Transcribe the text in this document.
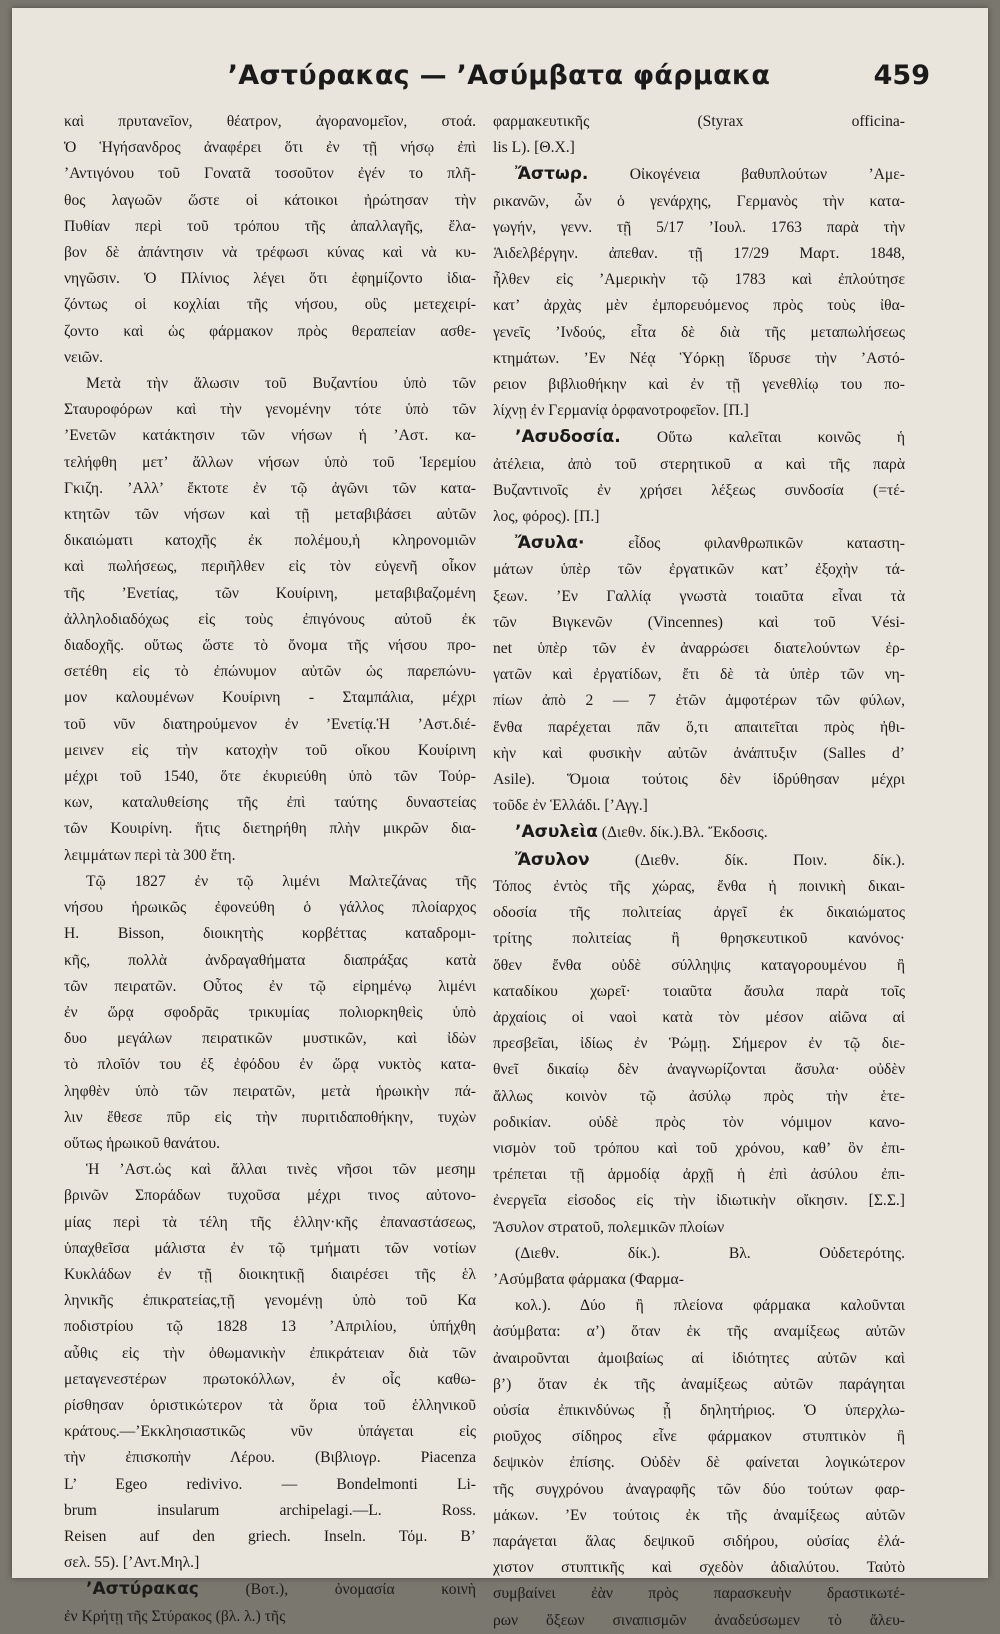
’Αστύρακας — ’Ασύμβατα φάρμακα	459

καὶ πρυτανεῖον, θέατρον, ἀγορανομεῖον, στοά.

Ὁ Ἡγήσανδρος ἀναφέρει ὅτι ἐν τῇ νήσῳ ἐπὶ

’Αντιγόνου τοῦ Γονατᾶ τοσοῦτον ἐγέν το πλῆ-

θος λαγωῶν ὥστε οἱ κάτοικοι ἠρώτησαν τὴν

Πυθίαν περὶ τοῦ τρόπου τῆς ἀπαλλαγῆς, ἔλα-

βον δὲ ἀπάντησιν νὰ τρέφωσι κύνας καὶ νὰ κυ-

νηγῶσιν. Ὁ Πλίνιος λέγει ὅτι ἐφημίζοντο ἰδια-

ζόντως οἱ κοχλίαι τῆς νήσου, οὓς μετεχειρί-

ζοντο καὶ ὡς φάρμακον πρὸς θεραπείαν ασθε-

νειῶν.

Μετὰ τὴν ἅλωσιν τοῦ Βυζαντίου ὑπὸ τῶν

Σταυροφόρων καὶ τὴν γενομένην τότε ὑπὸ τῶν

’Ενετῶν κατάκτησιν τῶν νήσων ἡ ’Αστ. κα-

τελήφθη μετ’ ἄλλων νήσων ὑπὸ τοῦ Ἱερεμίου

Γκιζη. ’Αλλ’ ἔκτοτε ἐν τῷ ἀγῶνι τῶν κατα-

κτητῶν τῶν νήσων καὶ τῇ μεταβιβάσει αὐτῶν

δικαιώματι κατοχῆς ἐκ πολέμου,ἡ κληρονομιῶν

καὶ πωλήσεως, περιῆλθεν εἰς τὸν εὐγενῆ οἶκον

τῆς ’Ενετίας, τῶν Κουίρινη, μεταβιβαζομένη

ἀλληλοδιαδόχως εἰς τοὺς ἐπιγόνους αὐτοῦ ἐκ

διαδοχῆς. οὕτως ὥστε τὸ ὄνομα τῆς νήσου προ-

σετέθη εἰς τὸ ἐπώνυμον αὐτῶν ὡς παρεπώνυ-

μον καλουμένων Κουίρινη - Σταμπάλια, μέχρι

τοῦ νῦν διατηρούμενον ἐν ’Ενετίᾳ.Ἡ ’Αστ.διέ-

μεινεν εἰς τὴν κατοχὴν τοῦ οἴκου Κουίρινη

μέχρι τοῦ 1540, ὅτε ἐκυριεύθη ὑπὸ τῶν Τούρ-

κων, καταλυθείσης τῆς ἐπὶ ταύτης δυναστείας

τῶν Κουιρίνη. ἥτις διετηρήθη πλὴν μικρῶν δια-

λειμμάτων περὶ τὰ 300 ἔτη.

Τῷ 1827 ἐν τῷ λιμένι Μαλτεζάνας τῆς

νήσου ἡρωικῶς ἐφονεύθη ὁ γάλλος πλοίαρχος

H. Bisson, διοικητὴς κορβέττας καταδρομι-

κῆς, πολλὰ ἀνδραγαθήματα διαπράξας κατὰ

τῶν πειρατῶν. Οὗτος ἐν τῷ εἰρημένῳ λιμένι

ἐν ὥρᾳ σφοδρᾶς τρικυμίας πολιορκηθεὶς ὑπὸ

δυο μεγάλων πειρατικῶν μυστικῶν, καὶ ἰδὼν

τὸ πλοῖόν του ἐξ ἐφόδου ἐν ὥρᾳ νυκτὸς κατα-

ληφθὲν ὑπὸ τῶν πειρατῶν, μετὰ ἡρωικὴν πά-

λιν ἔθεσε πῦρ εἰς τὴν πυριτιδαποθήκην, τυχὼν

οὕτως ἡρωικοῦ θανάτου.

Ἡ ’Αστ.ὡς καὶ ἄλλαι τινὲς νῆσοι τῶν μεσημ

βρινῶν Σποράδων τυχοῦσα μέχρι τινος αὐτονο-

μίας περὶ τὰ τέλη τῆς ἑλλην·κῆς ἐπαναστάσεως,

ὑπαχθεῖσα μάλιστα ἐν τῷ τμήματι τῶν νοτίων

Κυκλάδων ἐν τῇ διοικητικῇ διαιρέσει τῆς ἑλ

ληνικῆς ἐπικρατείας,τῇ γενομένῃ ὑπὸ τοῦ Κα

ποδιστρίου τῷ 1828 13 ’Απριλίου, ὑπήχθη

αὖθις εἰς τὴν ὀθωμανικὴν ἐπικράτειαν διὰ τῶν

μεταγενεστέρων πρωτοκόλλων, ἐν οἷς καθω-

ρίσθησαν ὁριστικώτερον τὰ ὅρια τοῦ ἑλληνικοῦ

κράτους.—’Εκκλησιαστικῶς νῦν ὑπάγεται εἰς

τὴν ἐπισκοπὴν Λέρου. (Βιβλιογρ. Piacenza

L’ Egeo redivivo. — Bondelmonti Li-

brum insularum archipelagi.—L. Ross.

Reisen auf den griech. Inseln. Τόμ. Β’

σελ. 55). [’Αντ.Μηλ.]

’Αστύρακας (Βοτ.), ὀνομασία κοινὴ

ἐν Κρήτῃ τῆς Στύρακος (βλ. λ.) τῆς

φαρμακευτικῆς (Styrax officina-

lis L). [Θ.Χ.]

Ἄστωρ. Οἰκογένεια βαθυπλούτων ’Αμε-

ρικανῶν, ὧν ὁ γενάρχης, Γερμανὸς τὴν κατα-

γωγήν, γενν. τῇ 5/17 ’Ιουλ. 1763 παρὰ τὴν

Ἁιδελβέργην. ἀπεθαν. τῇ 17/29 Μαρτ. 1848,

ἦλθεν εἰς ’Αμερικὴν τῷ 1783 καὶ ἐπλούτησε

κατ’ ἀρχὰς μὲν ἐμπορευόμενος πρὸς τοὺς ἰθα-

γενεῖς ’Ινδούς, εἶτα δὲ διὰ τῆς μεταπωλήσεως

κτημάτων. ’Εν Νέᾳ Ὑόρκῃ ἵδρυσε τὴν ’Αστό-

ρειον βιβλιοθήκην καὶ ἐν τῇ γενεθλίῳ του πο-

λίχνῃ ἐν Γερμανίᾳ ὀρφανοτροφεῖον. [Π.]

’Ασυδοσία. Οὕτω καλεῖται κοινῶς ἡ

ἀτέλεια, ἀπὸ τοῦ στερητικοῦ α καὶ τῆς παρὰ

Βυζαντινοῖς ἐν χρήσει λέξεως συνδοσία (=τέ-

λος, φόρος). [Π.]

Ἄσυλα· εἶδος φιλανθρωπικῶν καταστη-

μάτων ὑπὲρ τῶν ἐργατικῶν κατ’ ἐξοχὴν τά-

ξεων. ’Εν Γαλλίᾳ γνωστὰ τοιαῦτα εἶναι τὰ

τῶν Βιγκενῶν (Vincennes) καὶ τοῦ Vési-

net ὑπὲρ τῶν ἐν ἀναρρώσει διατελούντων ἐρ-

γατῶν καὶ ἐργατίδων, ἔτι δὲ τὰ ὑπὲρ τῶν νη-

πίων ἀπὸ 2 — 7 ἐτῶν ἀμφοτέρων τῶν φύλων,

ἔνθα παρέχεται πᾶν ὅ,τι απαιτεῖται πρὸς ἠθι-

κὴν καὶ φυσικὴν αὐτῶν ἀνάπτυξιν (Salles d’

Asile). Ὅμοια τούτοις δὲν ἱδρύθησαν μέχρι

τοῦδε ἐν Ἑλλάδι. [’Αγγ.]

’Ασυλεὶα (Διεθν. δίκ.).Βλ. Ἔκδοσις.

Ἄσυλον (Διεθν. δίκ. Ποιν. δίκ.).

Τόπος ἐντὸς τῆς χώρας, ἔνθα ἡ ποινικὴ δικαι-

οδοσία τῆς πολιτείας ἀργεῖ ἐκ δικαιώματος

τρίτης πολιτείας ἢ θρησκευτικοῦ κανόνος·

ὅθεν ἔνθα οὐδὲ σύλληψις καταγορουμένου ἢ

καταδίκου χωρεῖ· τοιαῦτα ἄσυλα παρὰ τοῖς

ἀρχαίοις οἱ ναοὶ κατὰ τὸν μέσον αἰῶνα αἱ

πρεσβεῖαι, ἰδίως ἐν Ῥώμῃ. Σήμερον ἐν τῷ διε-

θνεῖ δικαίῳ δὲν ἀναγνωρίζονται ἄσυλα· οὐδὲν

ἄλλως κοινὸν τῷ ἀσύλῳ πρὸς τὴν ἑτε-

ροδικίαν. οὐδὲ πρὸς τὸν νόμιμον κανο-

νισμὸν τοῦ τρόπου καὶ τοῦ χρόνου, καθ’ ὃν ἐπι-

τρέπεται τῇ ἁρμοδίᾳ ἀρχῇ ἡ ἐπὶ ἀσύλου ἐπι-

ἐνεργεῖα εἰσοδος εἰς τὴν ἰδιωτικὴν οἴκησιν. [Σ.Σ.]

Ἄσυλον στρατοῦ, πολεμικῶν πλοίων

(Διεθν. δίκ.). Βλ. Οὐδετερότης.

’Ασύμβατα φάρμακα (Φαρμα-

κολ.). Δύο ἢ πλείονα φάρμακα καλοῦνται

ἀσύμβατα: α’) ὅταν ἐκ τῆς αναμίξεως αὐτῶν

ἀναιροῦνται ἀμοιβαίως αἱ ἰδιότητες αὐτῶν καὶ

β’) ὅταν ἐκ τῆς ἀναμίξεως αὐτῶν παράγηται

οὐσία ἐπικινδύνως ᾖ δηλητήριος. Ὁ ὑπερχλω-

ριοῦχος σίδηρος εἶνε φάρμακον στυπτικὸν ἢ

δεψικὸν ἐπίσης. Οὐδὲν δὲ φαίνεται λογικώτερον

τῆς συγχρόνου ἀναγραφῆς τῶν δύο τούτων φαρ-

μάκων. ’Εν τούτοις ἐκ τῆς ἀναμίξεως αὐτῶν

παράγεται ἅλας δεψικοῦ σιδήρου, οὐσίας ἐλά-

χιστον στυπτικῆς καὶ σχεδὸν ἀδιαλύτου. Ταὐτὸ

συμβαίνει ἐὰν πρὸς παρασκευὴν δραστικωτέ-

ρων ὅξεων σιναπισμῶν ἀναδεύσωμεν τὸ ἄλευ-
